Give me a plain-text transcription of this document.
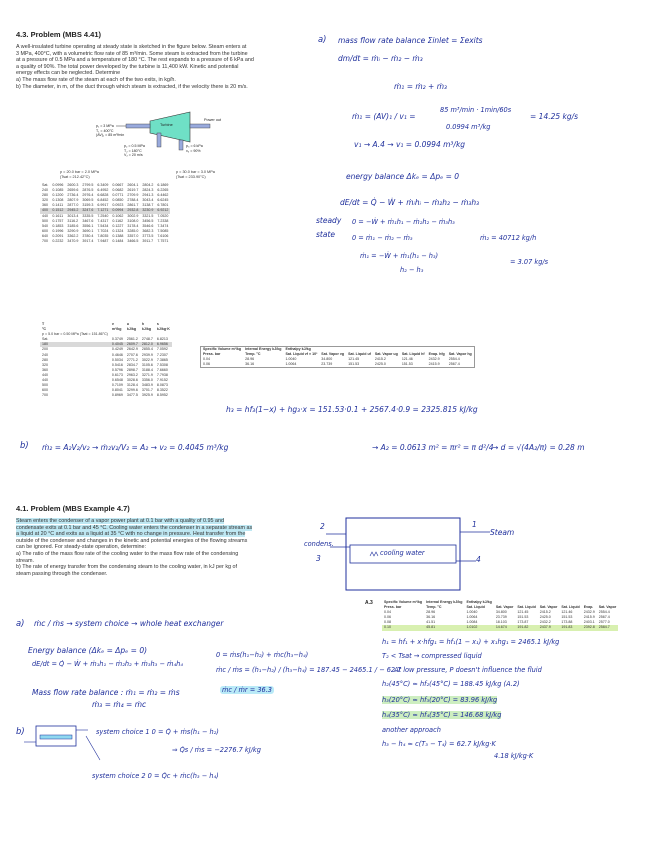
4.3. Problem (MBS 4.41)
A well-insulated turbine operating at steady state is sketched in the figure below. Steam enters at
3 MPa, 400°C, with a volumetric flow rate of 85 m³/min. Some steam is extracted from the turbine
at a pressure of 0.5 MPa and a temperature of 180 °C. The rest expands to a pressure of 6 kPa and
a quality of 90%. The total power developed by the turbine is 11,400 kW. Kinetic and potential
energy effects can be neglected. Determine
a) The mass flow rate of the steam at each of the two exits, in kg/h.
b) The diameter, in m, of the duct through which steam is extracted, if the velocity there is 20 m/s.
Turbine
Power out
p₁ = 3 MPa
T₁ = 400°C
(AV)₁ = 85 m³/min
p₂ = 0.5 MPa
T₂ = 180°C
V₂ = 20 m/s
p₃ = 6 kPa
x₃ = 90%
p = 20.0 bar = 2.0 MPa
(Tsat = 212.42°C)
p = 30.0 bar = 3.0 MPa
(Tsat = 233.90°C)
Sat.	0.0996	2600.3	2799.5	6.3409	0.0667	2604.1	2804.2	6.1869
240	0.1085	2659.6	2876.5	6.4952	0.0682	2619.7	2824.3	6.2265
280	0.1200	2736.4	2976.4	6.6828	0.0771	2709.9	2941.3	6.4462
320	0.1308	2807.9	3069.5	6.8452	0.0850	2788.4	3043.4	6.6245
360	0.1411	2877.0	3159.3	6.9917	0.0923	2861.7	3138.7	6.7801
400	0.1512	2945.2	3247.6	7.1271	0.0994	2932.8	3230.9	6.9212
440	0.1611	3013.4	3335.5	7.2540	0.1062	3002.9	3321.5	7.0520
500	0.1757	3116.2	3467.6	7.4317	0.1162	3108.0	3456.5	7.2338
540	0.1853	3185.6	3556.1	7.5434	0.1227	3178.4	3546.6	7.3474
600	0.1996	3290.9	3690.1	7.7024	0.1324	3285.0	3682.3	7.5085
640	0.2091	3362.2	3780.4	7.8035	0.1388	3357.0	3773.5	7.6106
700	0.2232	3470.9	3917.4	7.9487	0.1484	3466.5	3911.7	7.7571
T	v	u	h	s
°C	m³/kg	kJ/kg	kJ/kg	kJ/kg·K
p = 5.0 bar = 0.50 MPa (Tsat = 151.86°C)				
Sat.	0.3749	2561.2	2748.7	6.8213
180	0.4045	2609.7	2812.0	6.9656
200	0.4249	2642.9	2855.4	7.0592
240	0.4646	2707.6	2939.9	7.2307
280	0.5034	2771.2	3022.9	7.3865
320	0.5416	2834.7	3105.6	7.5308
360	0.5796	2898.7	3188.4	7.6660
440	0.6173	2963.2	3271.9	7.7938
440	0.6548	3028.6	3356.0	7.9152
500	0.7109	3128.4	3483.9	8.0873
600	0.8041	3299.6	3701.7	8.3522
700	0.8969	3477.5	3925.9	8.5952
Specific Volume m³/kg	Internal Energy kJ/kg	Enthalpy kJ/kg						
Press. bar	Temp. °C	Sat. Liquid vf × 10³	Sat. Vapor vg	Sat. Liquid uf	Sat. Vapor ug	Sat. Liquid hf	Evap. hfg	Sat. Vapor hg
0.04	28.96	1.0040	34.800	121.45	2415.2	121.46	2432.9	2554.4
0.06	36.16	1.0064	23.739	151.53	2425.0	151.53	2415.9	2567.4
a) mass flow rate balance Σinlet = Σexits
dm/dt = ṁᵢ − ṁ₂ − ṁ₃
ṁ₁ = ṁ₂ + ṁ₃
ṁ₁ = (AV)₁ / v₁ =
85 m³/min · 1min/60s
0.0994 m³/kg
= 14.25 kg/s
v₁ → A.4 → v₁ = 0.0994 m³/kg
energy balance Δkₑ = Δpₑ = 0
dE/dt = Q̇ − Ẇ + ṁᵢhᵢ − ṁ₂h₂ − ṁ₃h₃
steady
state
0 = −Ẇ + ṁ₁h₁ − ṁ₂h₂ − ṁ₃h₃
0 = ṁ₁ − ṁ₂ − ṁ₃	ṁ₂ = 40712 kg/h
ṁ₁ = −Ẇ + ṁ₁(h₁ − h₃)
h₂ − h₃
= 3.07 kg/s
h₃ = hf₃(1−x) + hg₃·x = 151.53·0.1 + 2567.4·0.9 = 2325.815 kJ/kg
b) ṁ₂ = A₂V₂/v₂ → ṁ₂v₂/V₂ = A₂ → v₂ = 0.4045 m³/kg	→ A₂ = 0.0613 m² = πr² = π d²/4
→ d = √(4A₂/π) = 0.28 m
4.1. Problem (MBS Example 4.7)
Steam enters the condenser of a vapor power plant at 0.1 bar with a quality of 0.95 and
condensate exits at 0.1 bar and 45 °C. Cooling water enters the condenser in a separate stream as
a liquid at 20 °C and exits as a liquid at 35 °C with no change in pressure. Heat transfer from the
outside of the condenser and changes in the kinetic and potential energies of the flowing streams
can be ignored. For steady-state operation, determine:
a) The ratio of the mass flow rate of the cooling water to the mass flow rate of the condensing
stream.
b) The rate of energy transfer from the condensing steam to the cooling water, in kJ per kg of
steam passing through the condenser.
2	1
Steam
condens.
3	4
cooling water
A.3	Specific Volume m³/kg	Internal Energy kJ/kg	Enthalpy kJ/kg						
Press. bar	Temp. °C	Sat. Liquid	Sat. Vapor	Sat. Liquid	Sat. Vapor	Sat. Liquid	Evap.	Sat. Vapor
0.04	28.96	1.0040	34.800	121.45	2415.2	121.46	2432.9	2554.4
0.06	36.16	1.0064	23.739	151.53	2425.0	151.53	2415.9	2567.4
0.08	41.51	1.0084	18.103	173.87	2432.2	173.88	2403.1	2577.0
0.10	45.81	1.0102	14.674	191.82	2437.9	191.83	2392.8	2584.7
a) ṁc / ṁs → system choice → whole heat exchanger
Energy balance (Δkₑ = Δpₑ = 0)
dE/dt = Q̇ − Ẇ + ṁ₁h₁ − ṁ₂h₂ + ṁ₃h₃ − ṁ₄h₄
0 = ṁs(h₁−h₂) + ṁc(h₃−h₄)
ṁc / ṁs = (h₁−h₂) / (h₃−h₄) = 187.45 − 2465.1 / − 62.7
ṁc / ṁr = 36.3
Mass flow rate balance : ṁ₁ = ṁ₂ = ṁs
ṁ₃ = ṁ₄ = ṁc
h₁ = hf₁ + x·hfg₁ = hf₁(1 − x₁) + x₁hg₁ = 2465.1 kJ/kg
T₂ < Tsat → compressed liquid
At low pressure, P doesn't influence the fluid
h₂(45°C) ≈ hf₂(45°C) = 188.45 kJ/kg (A.2)
h₃(20°C) ≈ hf₃(20°C) = 83.96 kJ/kg
h₄(35°C) ≈ hf₄(35°C) = 146.68 kJ/kg
another approach
h₃ − h₄ ≈ c(T₃ − T₄) = 62.7 kJ/kg·K
4.18 kJ/kg·K
b)	system choice 1 0 = Q̇ + ṁs(h₁ − h₂)
⇒ Q̇s / ṁs = −2276.7 kJ/kg
system choice 2 0 = Q̇c + ṁc(h₃ − h₄)
